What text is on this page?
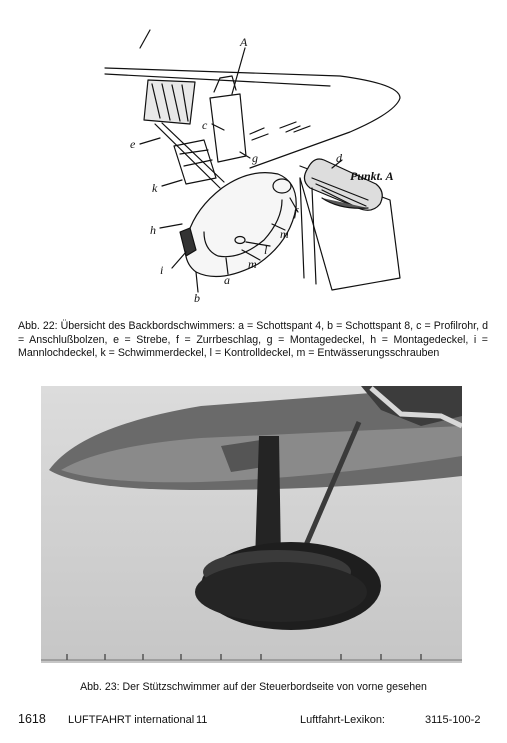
A
c
e
g
k
f
h	m
l
m
i
a
b
d
Punkt. A

Abb. 22: Übersicht des Backbordschwimmers: a = Schottspant 4, b = Schottspant 8, c = Profilrohr, d = Anschlußbolzen, e = Strebe, f = Zurrbeschlag, g = Montagedeckel, h = Montagedeckel, i = Mannlochdeckel, k = Schwimmerdeckel, l = Kontrolldeckel, m = Entwässerungsschrauben

Abb. 23: Der Stützschwimmer auf der Steuerbordseite von vorne gesehen

1618 LUFTFAHRT international 11	Luftfahrt-Lexikon:	3115-100-2
